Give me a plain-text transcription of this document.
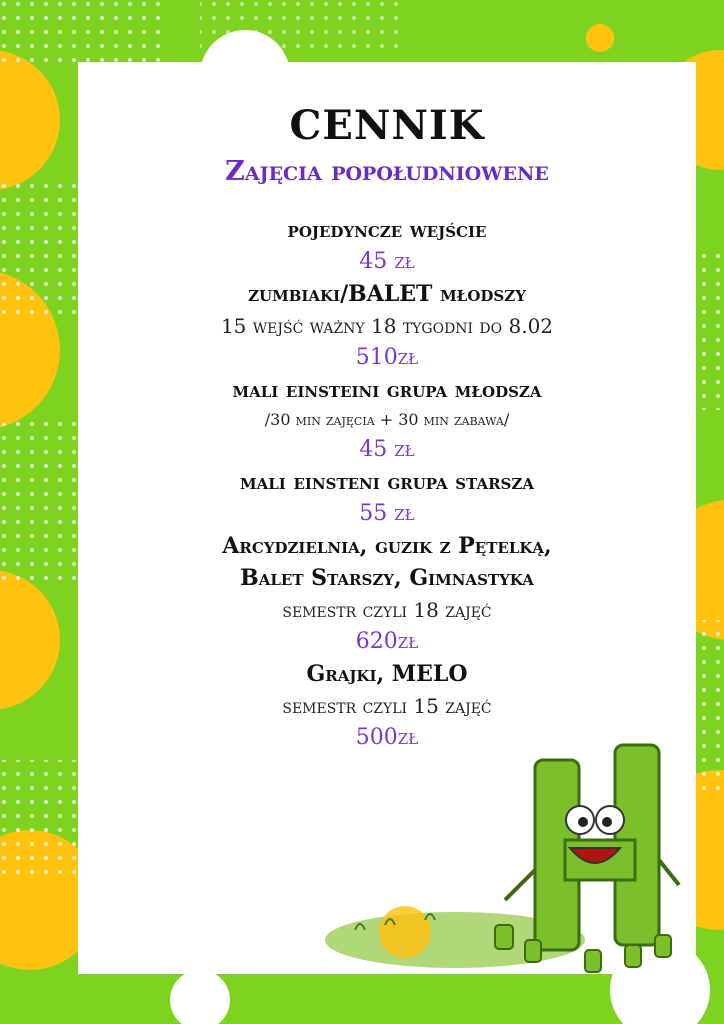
CENNIK
Zajęcia popołudniowene

pojedyncze wejście

45 zł

zumbiaki/BALET młodszy

15 wejść ważny 18 tygodni do 8.02

510zł

mali einsteini grupa młodsza

/30 min zajęcia + 30 min zabawa/

45 zł

mali einsteni grupa starsza

55 zł

Arcydzielnia, guzik z Pętelką,

Balet Starszy, Gimnastyka

semestr czyli 18 zajęć

620zł

Grajki, MELO

semestr czyli 15 zajęć

500zł
